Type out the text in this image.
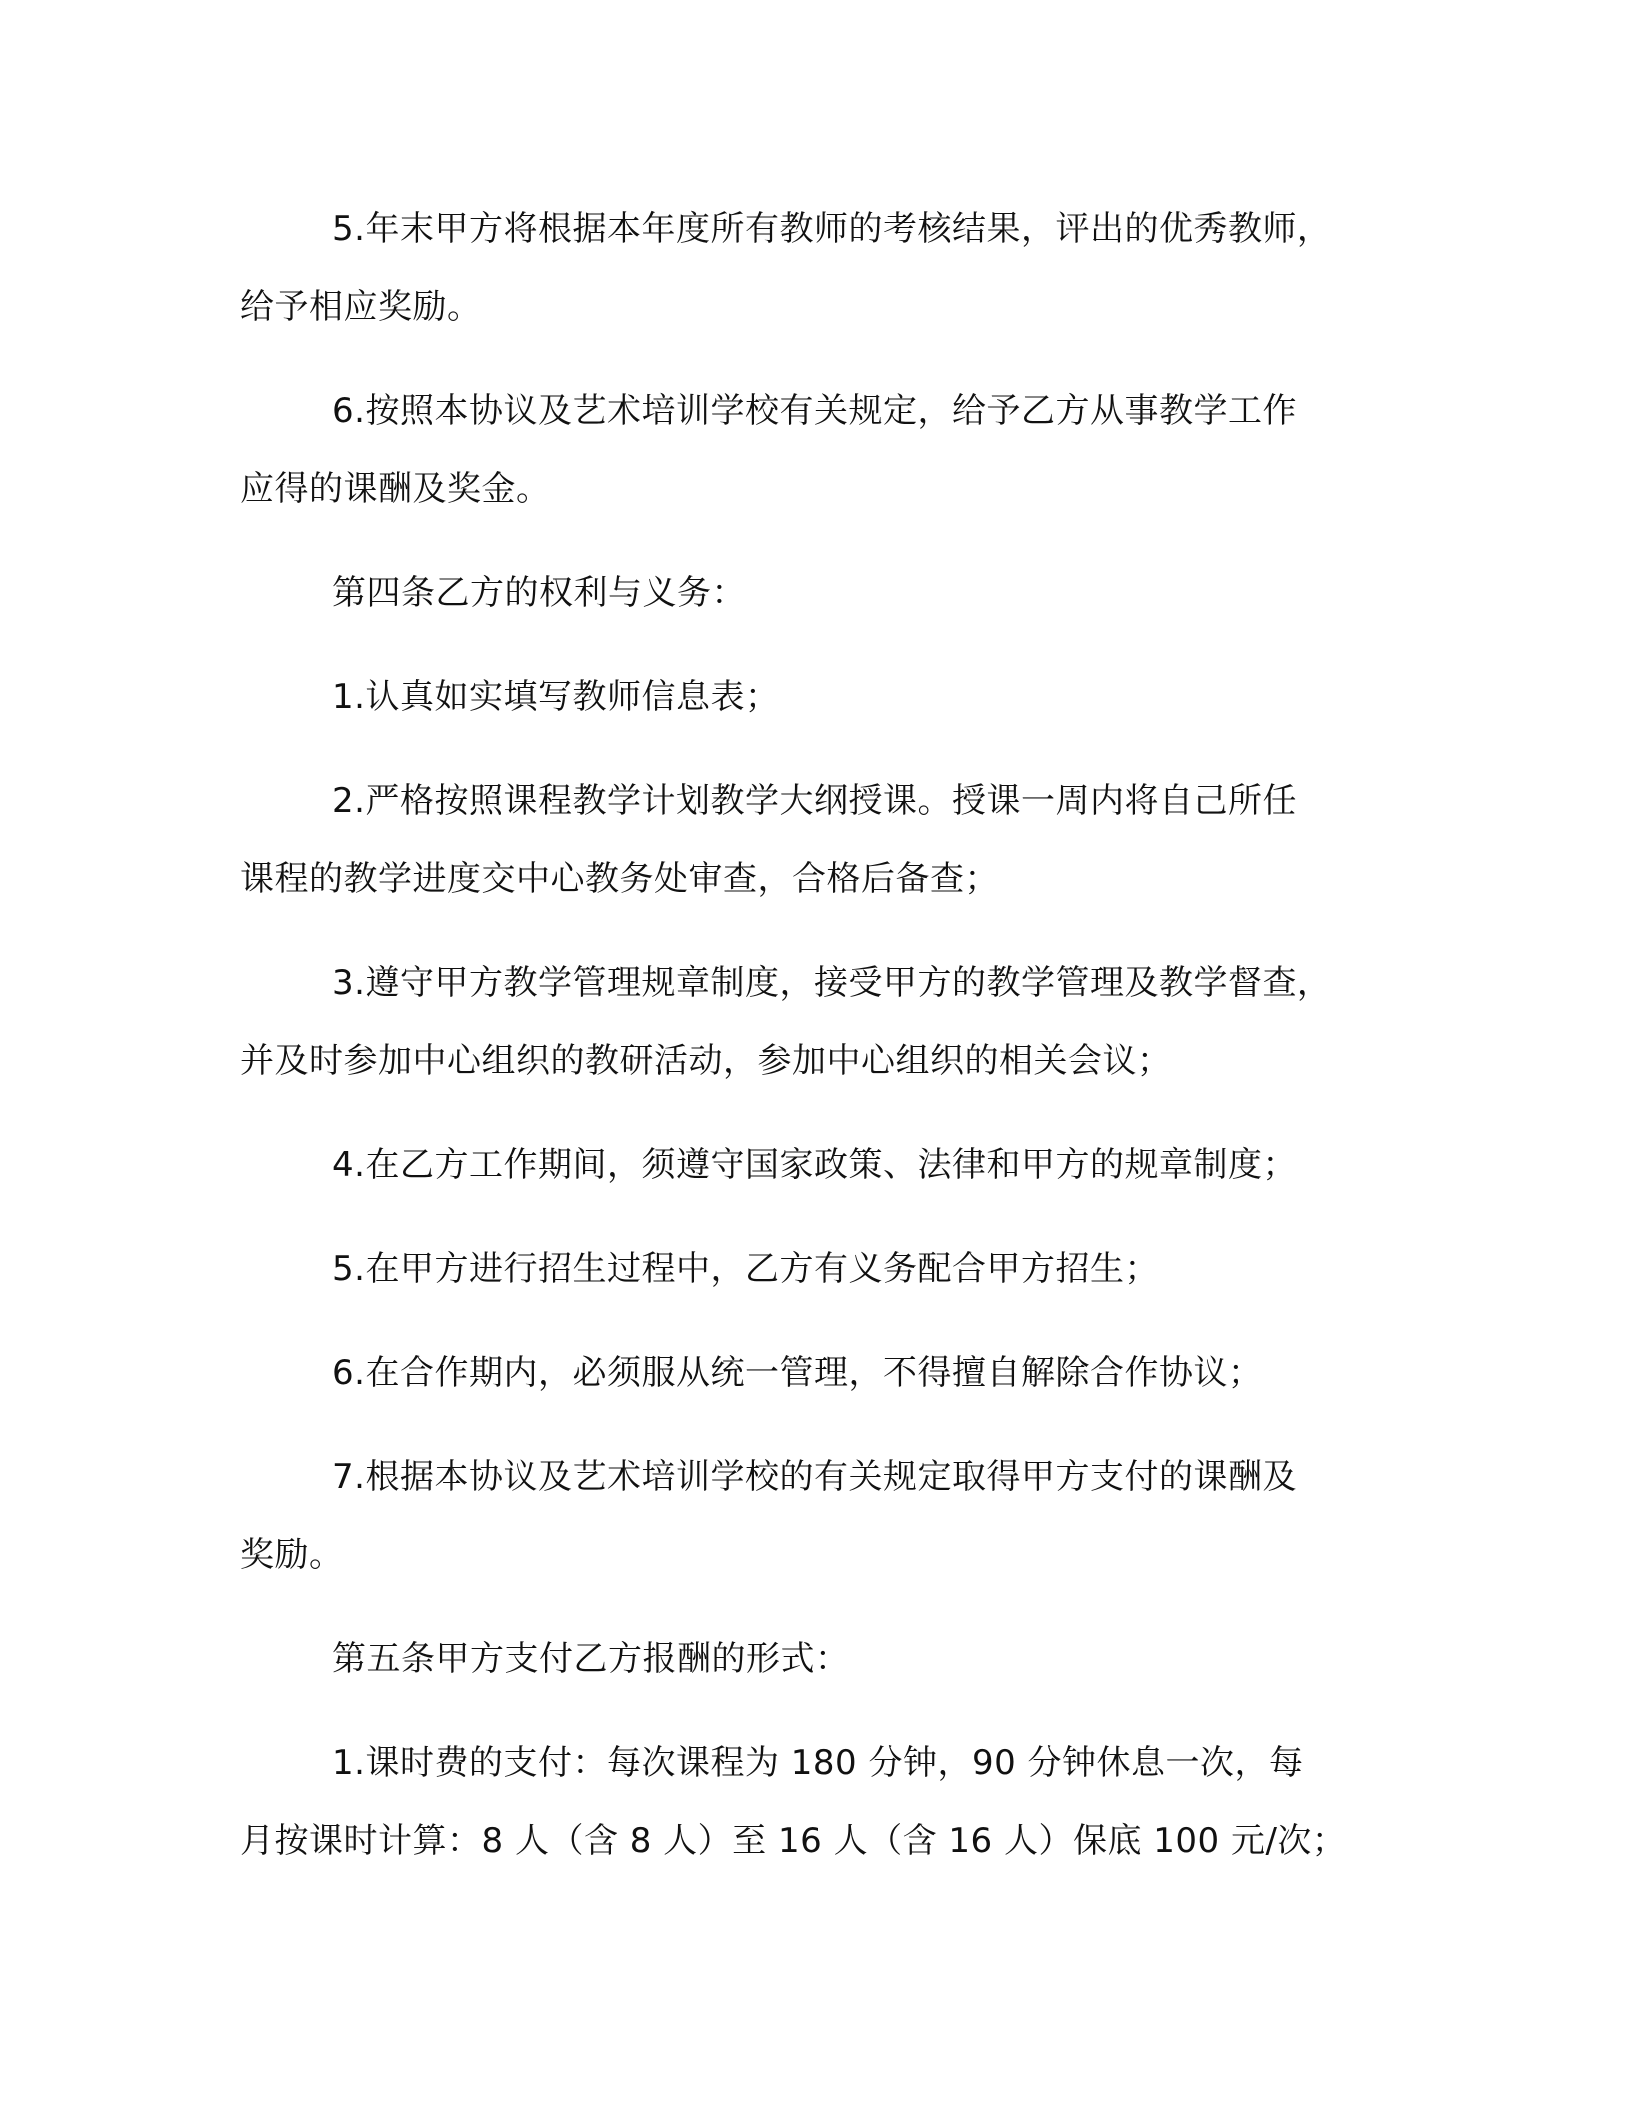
5.年末甲方将根据本年度所有教师的考核结果，评出的优秀教师，
给予相应奖励。

6.按照本协议及艺术培训学校有关规定，给予乙方从事教学工作
应得的课酬及奖金。

第四条乙方的权利与义务：

1.认真如实填写教师信息表；

2.严格按照课程教学计划教学大纲授课。授课一周内将自己所任
课程的教学进度交中心教务处审查，合格后备查；

3.遵守甲方教学管理规章制度，接受甲方的教学管理及教学督查，
并及时参加中心组织的教研活动，参加中心组织的相关会议；

4.在乙方工作期间，须遵守国家政策、法律和甲方的规章制度；

5.在甲方进行招生过程中，乙方有义务配合甲方招生；

6.在合作期内，必须服从统一管理，不得擅自解除合作协议；

7.根据本协议及艺术培训学校的有关规定取得甲方支付的课酬及
奖励。

第五条甲方支付乙方报酬的形式：

1.课时费的支付：每次课程为 180 分钟，90 分钟休息一次，每
月按课时计算：8 人（含 8 人）至 16 人（含 16 人）保底 100 元/次；
